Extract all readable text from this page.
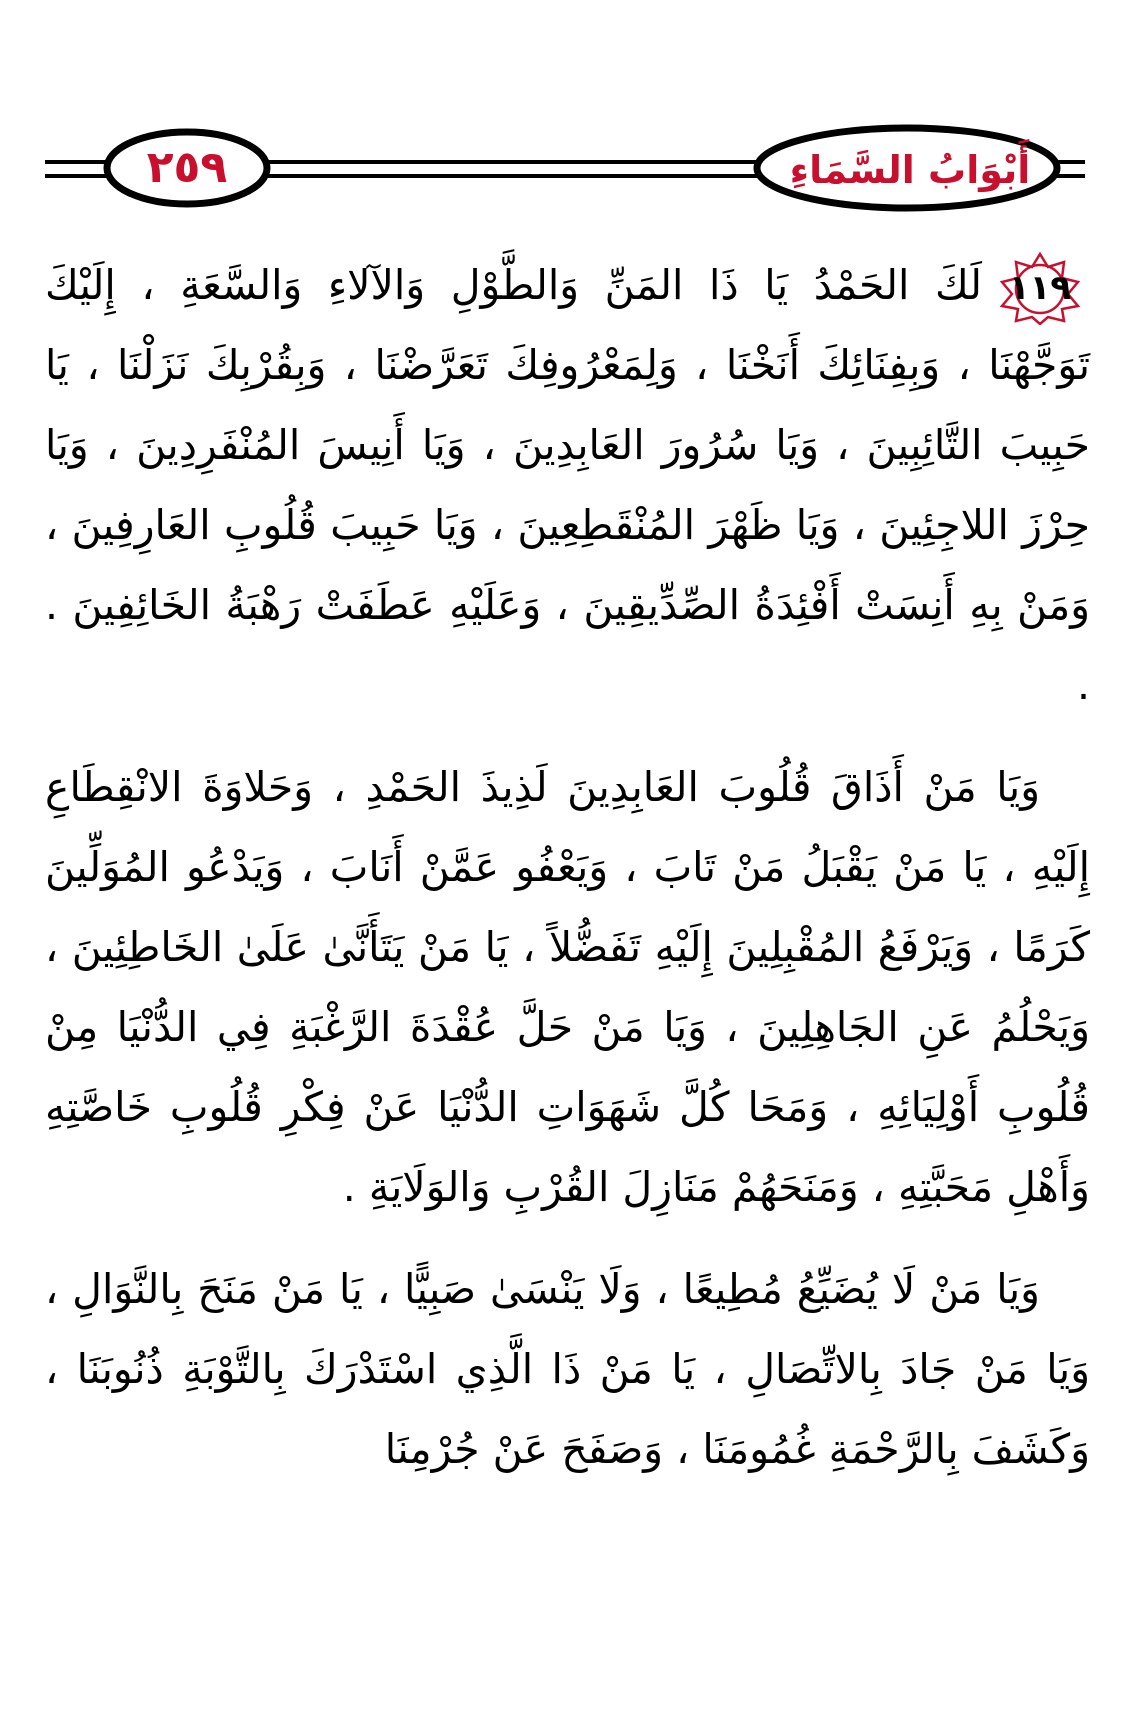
٢٥٩	أَبْوَابُ السَّمَاءِ

١١٩
لَكَ الحَمْدُ يَا ذَا المَنِّ وَالطَّوْلِ وَالآلاءِ وَالسَّعَةِ ، إِلَيْكَ تَوَجَّهْنَا ، وَبِفِنَائِكَ أَنَخْنَا ، وَلِمَعْرُوفِكَ تَعَرَّضْنَا ، وَبِقُرْبِكَ نَزَلْنَا ، يَا حَبِيبَ التَّائِبِينَ ، وَيَا سُرُورَ العَابِدِينَ ، وَيَا أَنِيسَ المُنْفَرِدِينَ ، وَيَا حِرْزَ اللاجِئِينَ ، وَيَا ظَهْرَ المُنْقَطِعِينَ ، وَيَا حَبِيبَ قُلُوبِ العَارِفِينَ ، وَمَنْ بِهِ أَنِسَتْ أَفْئِدَةُ الصِّدِّيقِينَ ، وَعَلَيْهِ عَطَفَتْ رَهْبَةُ الخَائِفِينَ . .

وَيَا مَنْ أَذَاقَ قُلُوبَ العَابِدِينَ لَذِيذَ الحَمْدِ ، وَحَلاوَةَ الانْقِطَاعِ إِلَيْهِ ، يَا مَنْ يَقْبَلُ مَنْ تَابَ ، وَيَعْفُو عَمَّنْ أَنَابَ ، وَيَدْعُو المُوَلِّينَ كَرَمًا ، وَيَرْفَعُ المُقْبِلِينَ إِلَيْهِ تَفَضُّلاً ، يَا مَنْ يَتَأَنَّىٰ عَلَىٰ الخَاطِئِينَ ، وَيَحْلُمُ عَنِ الجَاهِلِينَ ، وَيَا مَنْ حَلَّ عُقْدَةَ الرَّغْبَةِ فِي الدُّنْيَا مِنْ قُلُوبِ أَوْلِيَائِهِ ، وَمَحَا كُلَّ شَهَوَاتِ الدُّنْيَا عَنْ فِكْرِ قُلُوبِ خَاصَّتِهِ وَأَهْلِ مَحَبَّتِهِ ، وَمَنَحَهُمْ مَنَازِلَ القُرْبِ وَالوَلَايَةِ .

وَيَا مَنْ لَا يُضَيِّعُ مُطِيعًا ، وَلَا يَنْسَىٰ صَبِيًّا ، يَا مَنْ مَنَحَ بِالنَّوَالِ ، وَيَا مَنْ جَادَ بِالاتِّصَالِ ، يَا مَنْ ذَا الَّذِي اسْتَدْرَكَ بِالتَّوْبَةِ ذُنُوبَنَا ، وَكَشَفَ بِالرَّحْمَةِ غُمُومَنَا ، وَصَفَحَ عَنْ جُرْمِنَا
